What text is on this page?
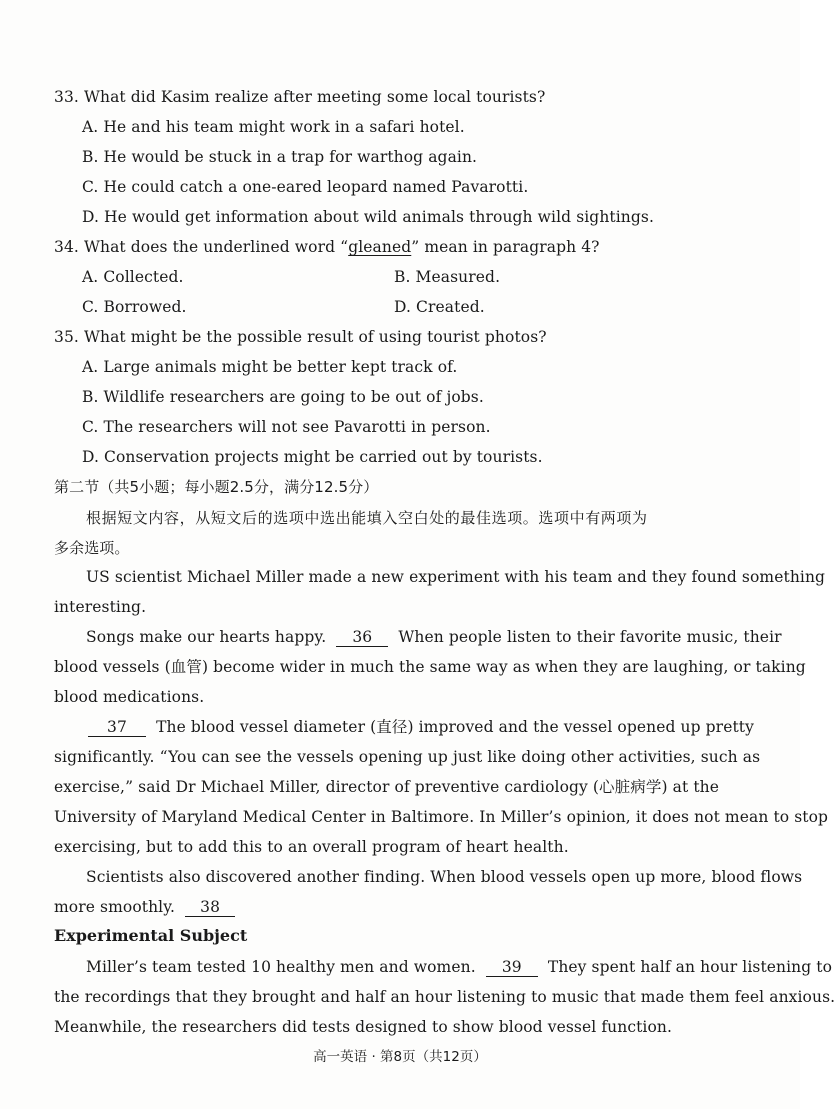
33. What did Kasim realize after meeting some local tourists?
A. He and his team might work in a safari hotel.
B. He would be stuck in a trap for warthog again.
C. He could catch a one-eared leopard named Pavarotti.
D. He would get information about wild animals through wild sightings.
34. What does the underlined word “gleaned” mean in paragraph 4?
A. Collected.	B. Measured.
C. Borrowed.	D. Created.
35. What might be the possible result of using tourist photos?
A. Large animals might be better kept track of.
B. Wildlife researchers are going to be out of jobs.
C. The researchers will not see Pavarotti in person.
D. Conservation projects might be carried out by tourists.
第二节（共5小题；每小题2.5分，满分12.5分）
根据短文内容，从短文后的选项中选出能填入空白处的最佳选项。选项中有两项为
多余选项。
US scientist Michael Miller made a new experiment with his team and they found something
interesting.
Songs make our hearts happy. 36 When people listen to their favorite music, their
blood vessels (血管) become wider in much the same way as when they are laughing, or taking
blood medications.
37 The blood vessel diameter (直径) improved and the vessel opened up pretty
significantly. “You can see the vessels opening up just like doing other activities, such as
exercise,” said Dr Michael Miller, director of preventive cardiology (心脏病学) at the
University of Maryland Medical Center in Baltimore. In Miller’s opinion, it does not mean to stop
exercising, but to add this to an overall program of heart health.
Scientists also discovered another finding. When blood vessels open up more, blood flows
more smoothly. 38
Experimental Subject
Miller’s team tested 10 healthy men and women. 39 They spent half an hour listening to
the recordings that they brought and half an hour listening to music that made them feel anxious.
Meanwhile, the researchers did tests designed to show blood vessel function.
高一英语 · 第8页（共12页）
